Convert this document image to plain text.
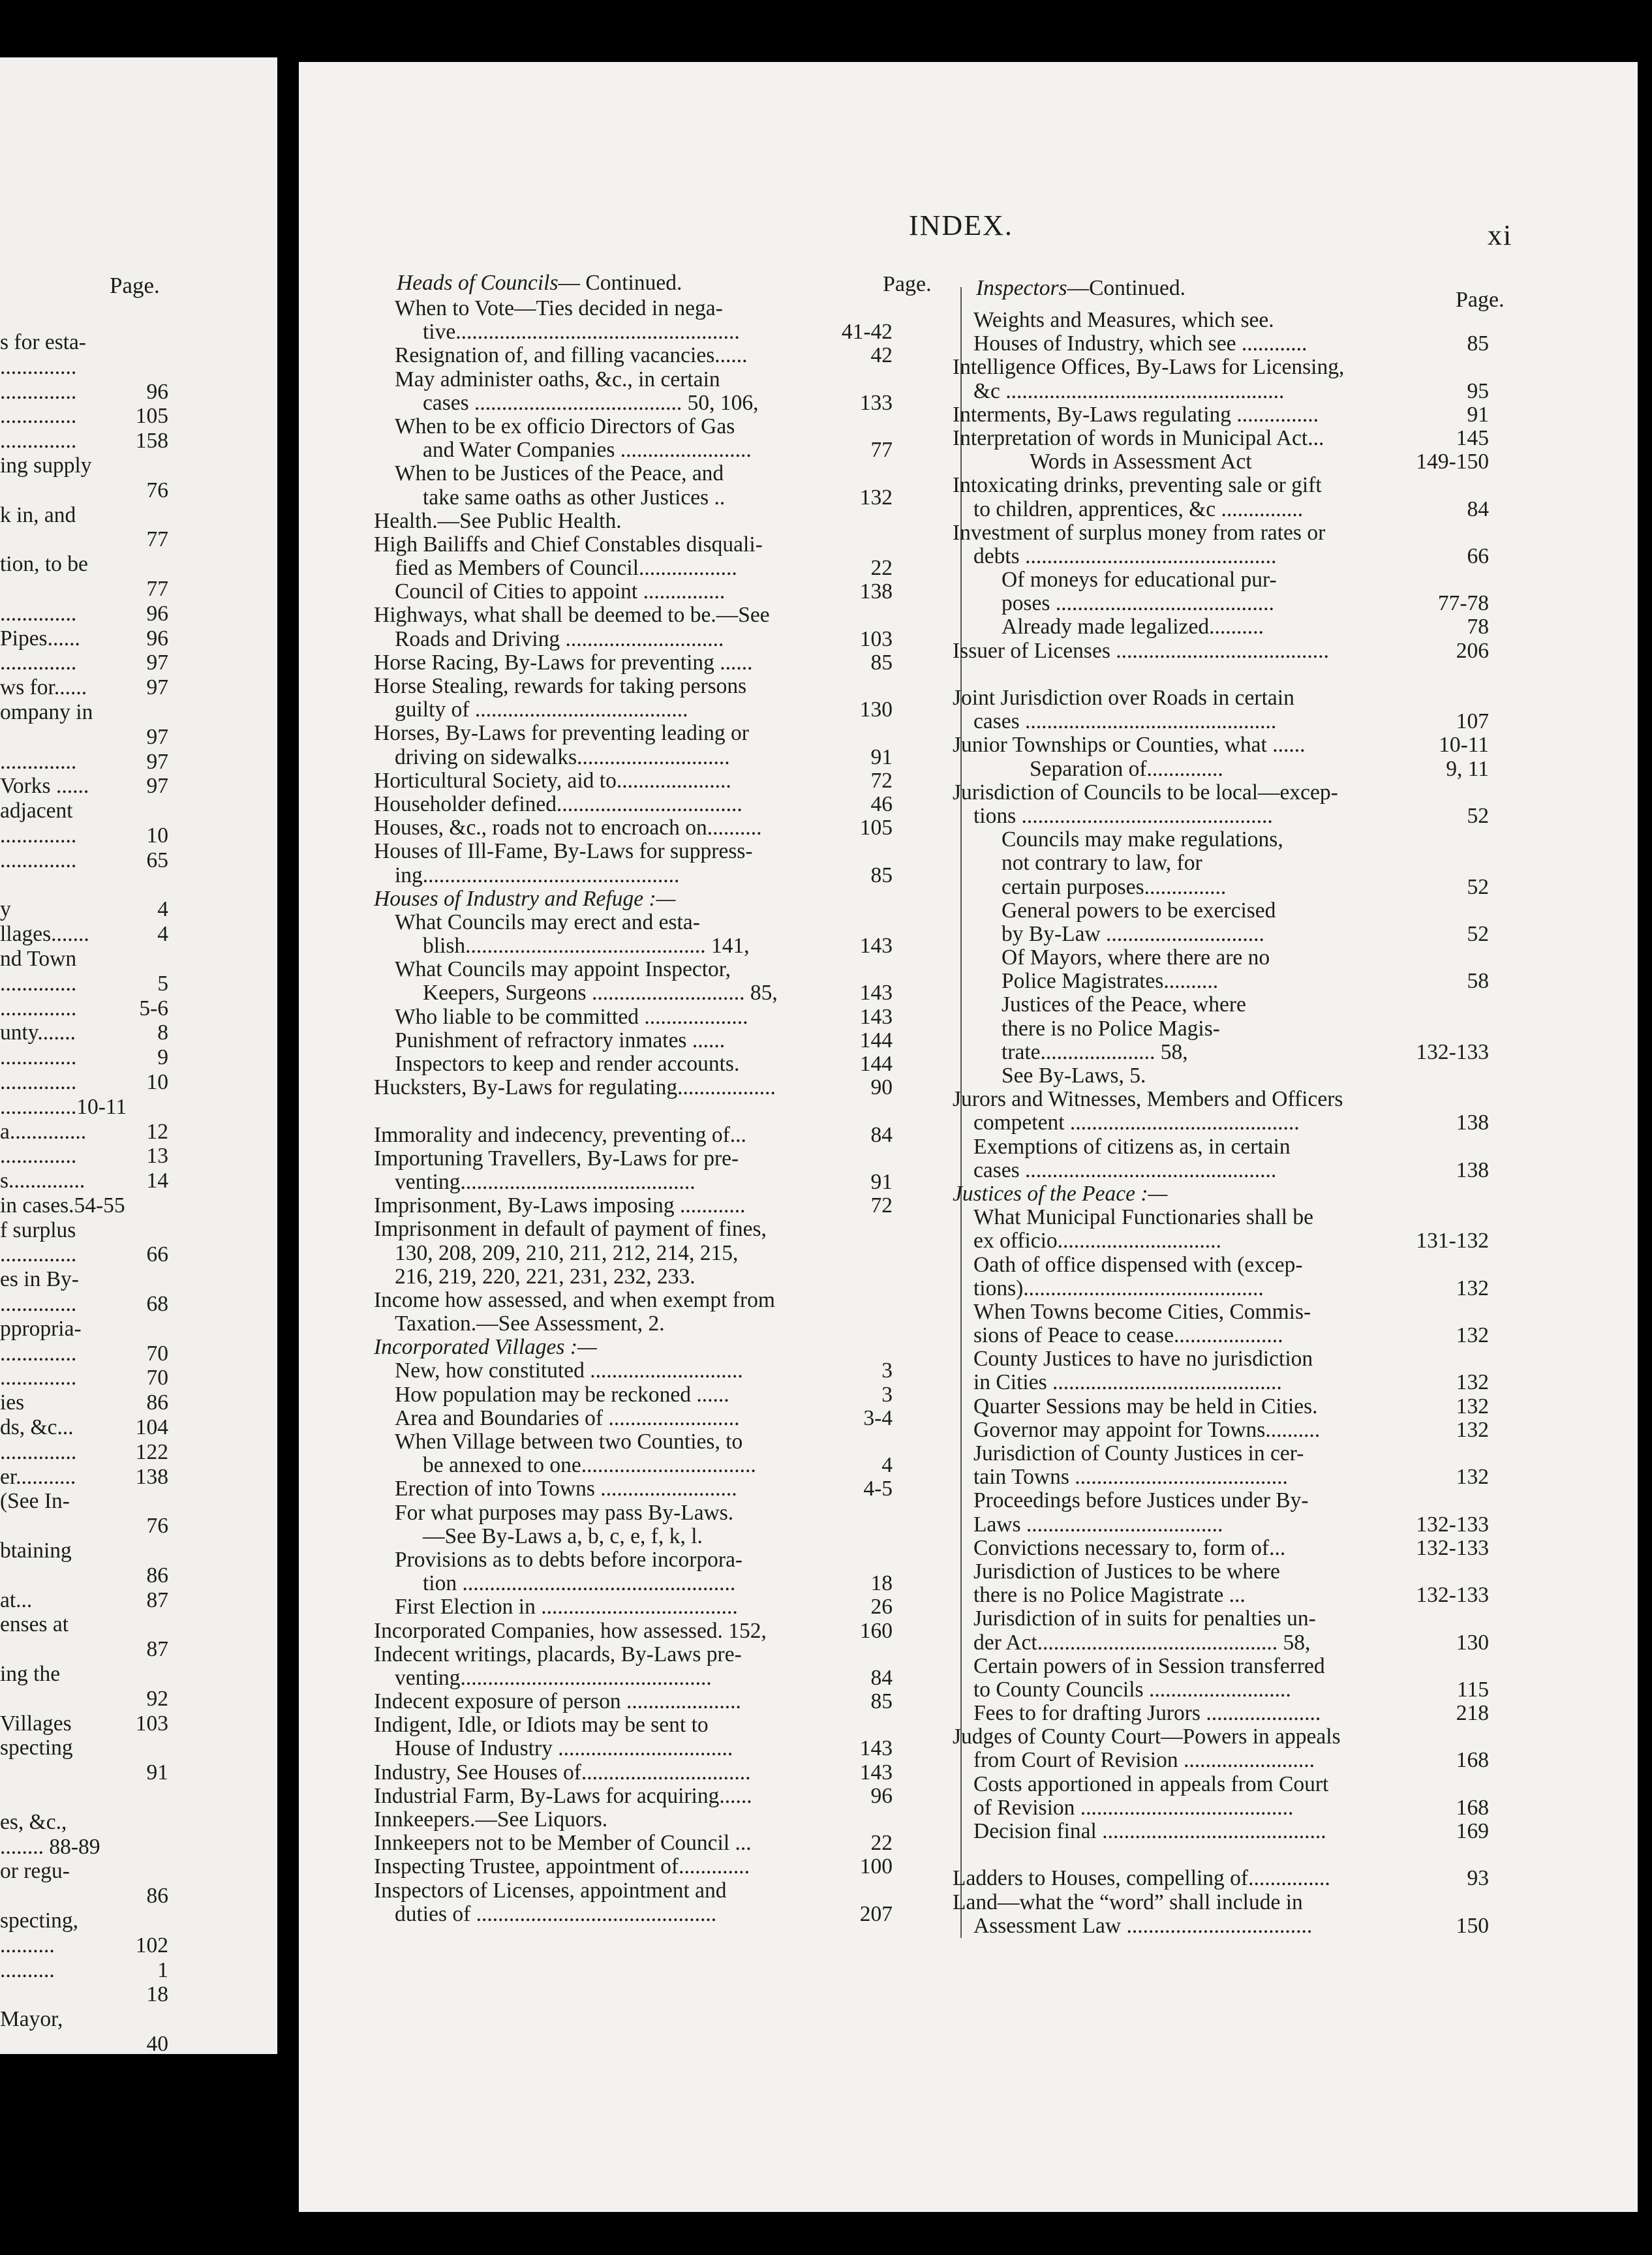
Page.
s for esta-
..............
..............	96
..............	105
..............	158
ing supply
76
k in, and
77
tion, to be
77
..............	96
Pipes......	96
..............	97
ws for......	97
ompany in
97
..............	97
Vorks ......	97
adjacent
..............	10
..............	65
y	4
llages.......	4
nd Town
..............	5
..............	5-6
unty.......	8
..............	9
..............	10
..............10-11
a..............	12
..............	13
s..............	14
in cases.54-55
f surplus
..............	66
es in By-
..............	68
ppropria-
..............	70
..............	70
ies	86
ds, &c...	104
..............	122
er...........	138
(See In-
76
btaining
86
at...	87
enses at
87
ing the
92
Villages	103
specting
91
es, &c.,
........ 88-89
or regu-
86
specting,
..........	102
..........	1
18
Mayor,
40
INDEX.	xi
Heads of Councils— Continued.	Page. Inspectors—Continued.	Page.
When to Vote—Ties decided in nega-
tive....................................................	41-42
Resignation of, and filling vacancies......	42
May administer oaths, &c., in certain
cases ...................................... 50, 106,	133
When to be ex officio Directors of Gas
and Water Companies ........................	77
When to be Justices of the Peace, and
take same oaths as other Justices ..	132
Health.—See Public Health.
High Bailiffs and Chief Constables disquali-
fied as Members of Council..................	22
Council of Cities to appoint ...............	138
Highways, what shall be deemed to be.—See
Roads and Driving .............................	103
Horse Racing, By-Laws for preventing ......	85
Horse Stealing, rewards for taking persons
guilty of .......................................	130
Horses, By-Laws for preventing leading or
driving on sidewalks............................	91
Horticultural Society, aid to.....................	72
Householder defined..................................	46
Houses, &c., roads not to encroach on..........	105
Houses of Ill-Fame, By-Laws for suppress-
ing...............................................	85
Houses of Industry and Refuge :—
What Councils may erect and esta-
blish............................................ 141,	143
What Councils may appoint Inspector,
Keepers, Surgeons ............................ 85,	143
Who liable to be committed ...................	143
Punishment of refractory inmates ......	144
Inspectors to keep and render accounts.	144
Hucksters, By-Laws for regulating..................	90
Immorality and indecency, preventing of...	84
Importuning Travellers, By-Laws for pre-
venting...........................................	91
Imprisonment, By-Laws imposing ............	72
Imprisonment in default of payment of fines,
130, 208, 209, 210, 211, 212, 214, 215,
216, 219, 220, 221, 231, 232, 233.
Income how assessed, and when exempt from
Taxation.—See Assessment, 2.
Incorporated Villages :—
New, how constituted ............................	3
How population may be reckoned ......	3
Area and Boundaries of ........................	3-4
When Village between two Counties, to
be annexed to one................................	4
Erection of into Towns .........................	4-5
For what purposes may pass By-Laws.
—See By-Laws a, b, c, e, f, k, l.
Provisions as to debts before incorpora-
tion ..................................................	18
First Election in ....................................	26
Incorporated Companies, how assessed. 152,	160
Indecent writings, placards, By-Laws pre-
venting..............................................	84
Indecent exposure of person .....................	85
Indigent, Idle, or Idiots may be sent to
House of Industry ................................	143
Industry, See Houses of...............................	143
Industrial Farm, By-Laws for acquiring......	96
Innkeepers.—See Liquors.
Innkeepers not to be Member of Council ...	22
Inspecting Trustee, appointment of.............	100
Inspectors of Licenses, appointment and
duties of ............................................	207
Weights and Measures, which see.
Houses of Industry, which see ............	85
Intelligence Offices, By-Laws for Licensing,
&c ...................................................	95
Interments, By-Laws regulating ...............	91
Interpretation of words in Municipal Act...	145
Words in Assessment Act	149-150
Intoxicating drinks, preventing sale or gift
to children, apprentices, &c ...............	84
Investment of surplus money from rates or
debts ..............................................	66
Of moneys for educational pur-
poses ........................................	77-78
Already made legalized..........	78
Issuer of Licenses .......................................	206
Joint Jurisdiction over Roads in certain
cases ..............................................	107
Junior Townships or Counties, what ......	10-11
Separation of..............	9, 11
Jurisdiction of Councils to be local—excep-
tions ..............................................	52
Councils may make regulations,
not contrary to law, for
certain purposes...............	52
General powers to be exercised
by By-Law .............................	52
Of Mayors, where there are no
Police Magistrates..........	58
Justices of the Peace, where
there is no Police Magis-
trate..................... 58,	132-133
See By-Laws, 5.
Jurors and Witnesses, Members and Officers
competent ..........................................	138
Exemptions of citizens as, in certain
cases ..............................................	138
Justices of the Peace :—
What Municipal Functionaries shall be
ex officio..............................	131-132
Oath of office dispensed with (excep-
tions)............................................	132
When Towns become Cities, Commis-
sions of Peace to cease....................	132
County Justices to have no jurisdiction
in Cities ..........................................	132
Quarter Sessions may be held in Cities.	132
Governor may appoint for Towns..........	132
Jurisdiction of County Justices in cer-
tain Towns .......................................	132
Proceedings before Justices under By-
Laws ....................................	132-133
Convictions necessary to, form of...	132-133
Jurisdiction of Justices to be where
there is no Police Magistrate ...	132-133
Jurisdiction of in suits for penalties un-
der Act............................................ 58,	130
Certain powers of in Session transferred
to County Councils ..........................	115
Fees to for drafting Jurors .....................	218
Judges of County Court—Powers in appeals
from Court of Revision ........................	168
Costs apportioned in appeals from Court
of Revision .......................................	168
Decision final .........................................	169
Ladders to Houses, compelling of...............	93
Land—what the “word” shall include in
Assessment Law ..................................	150
